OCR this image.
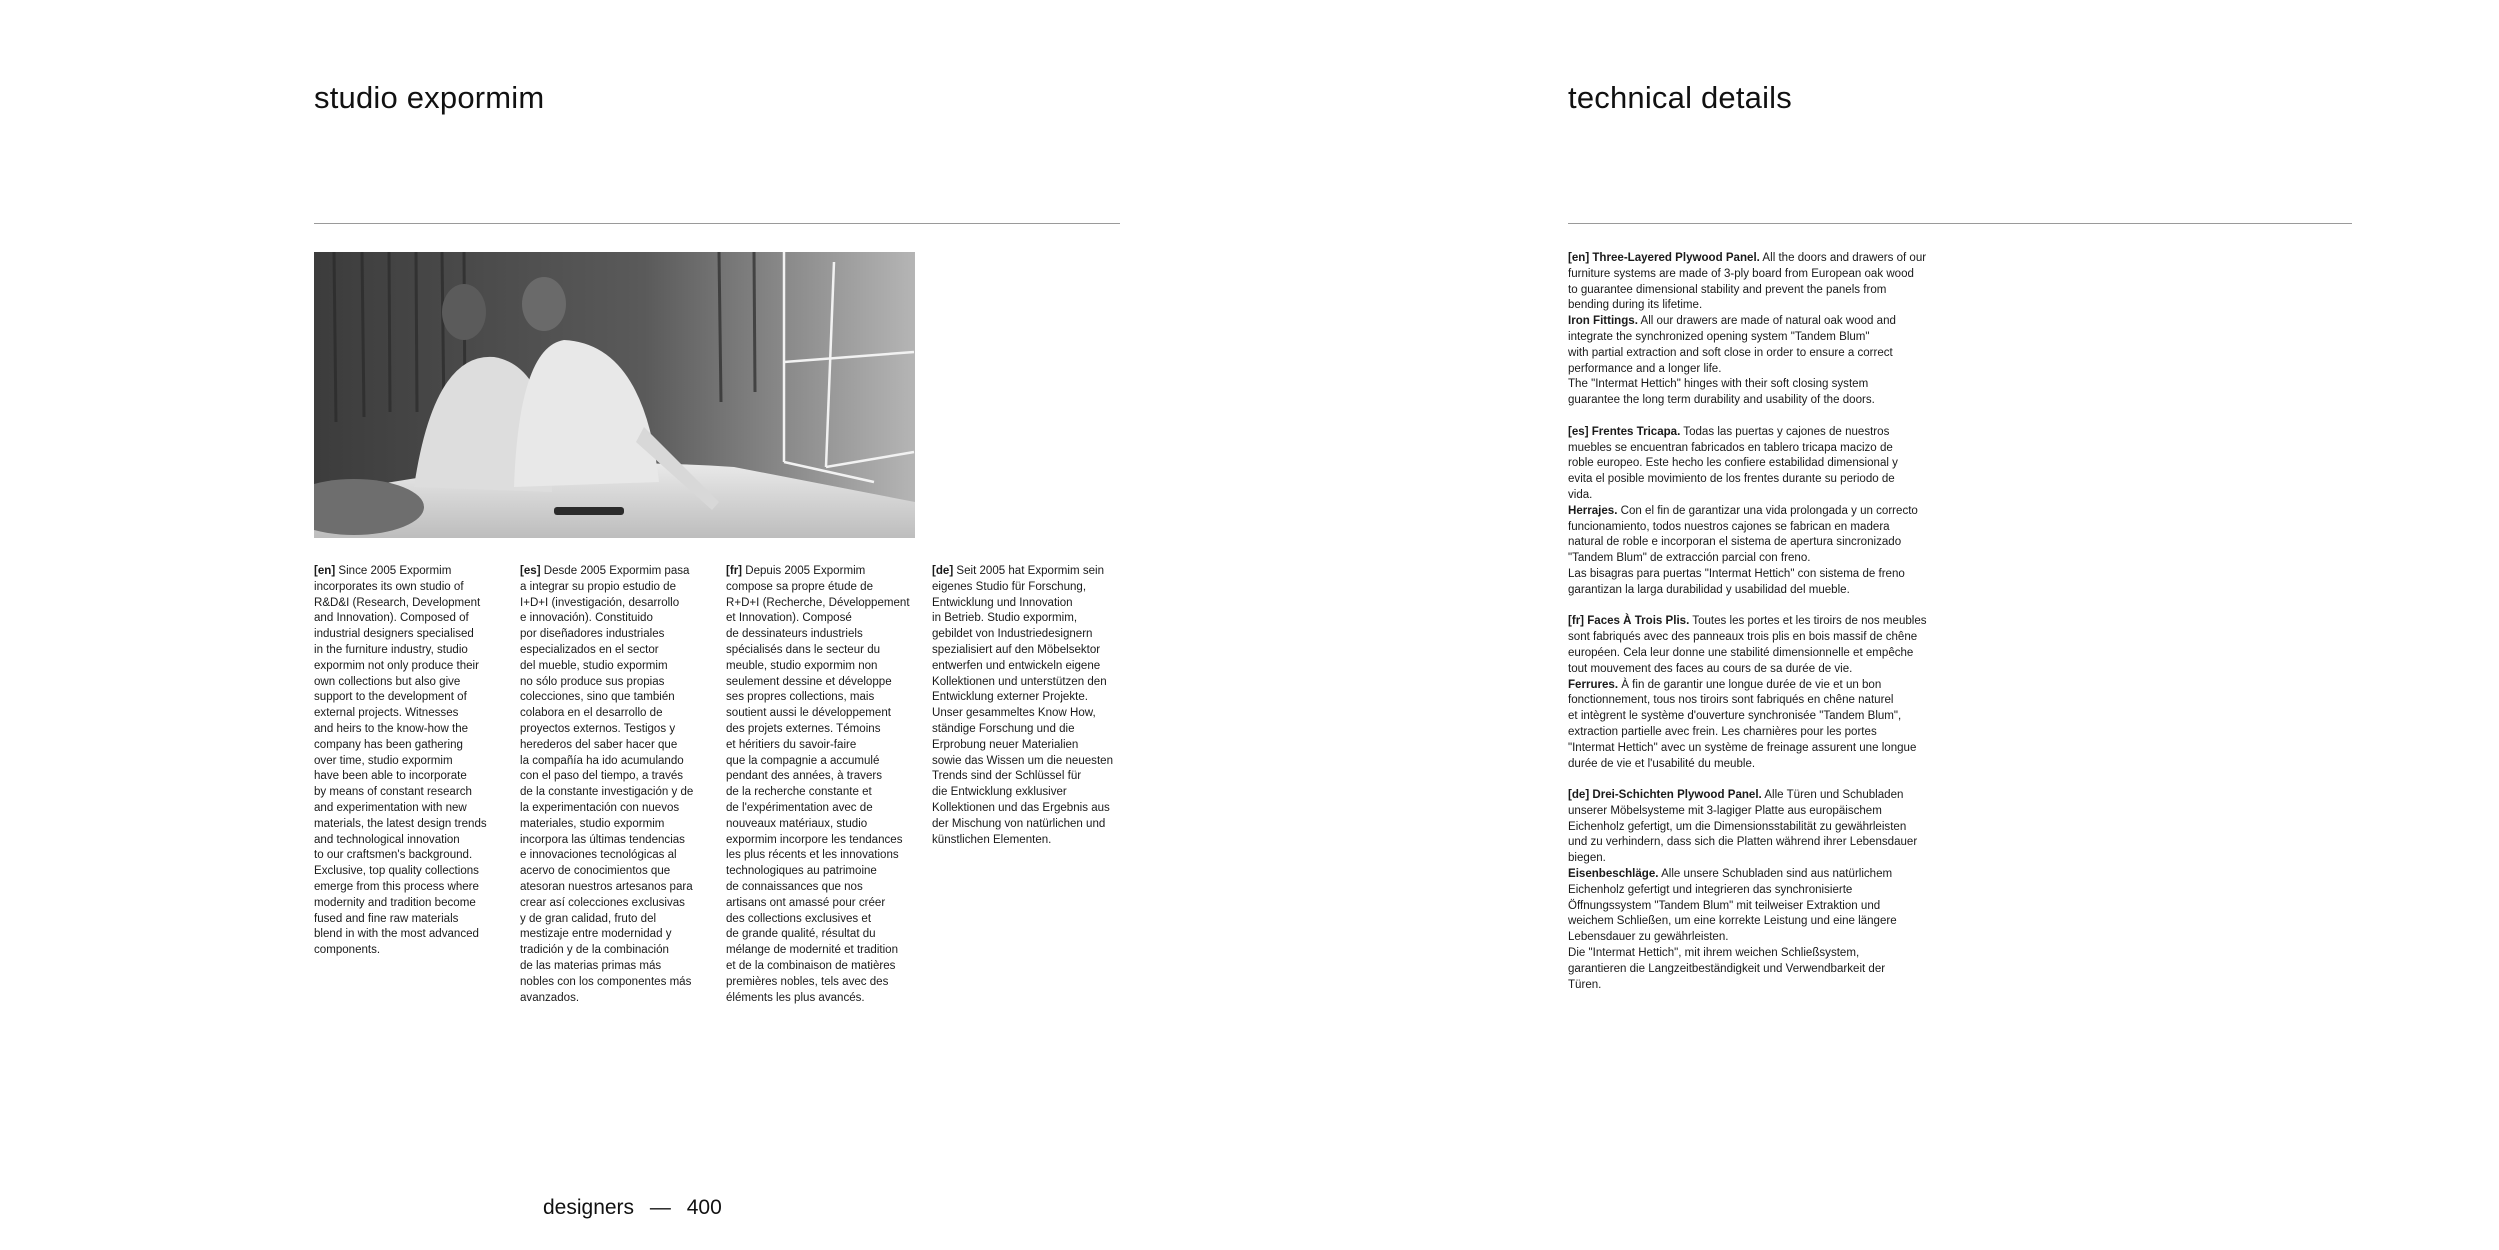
studio expormim	technical details
[en] Since 2005 Expormim
incorporates its own studio of
R&D&I (Research, Development
and Innovation). Composed of
industrial designers specialised
in the furniture industry, studio
expormim not only produce their
own collections but also give
support to the development of
external projects. Witnesses
and heirs to the know-how the
company has been gathering
over time, studio expormim
have been able to incorporate
by means of constant research
and experimentation with new
materials, the latest design trends
and technological innovation
to our craftsmen's background.
Exclusive, top quality collections
emerge from this process where
modernity and tradition become
fused and fine raw materials
blend in with the most advanced
components.
[es] Desde 2005 Expormim pasa
a integrar su propio estudio de
I+D+I (investigación, desarrollo
e innovación). Constituido
por diseñadores industriales
especializados en el sector
del mueble, studio expormim
no sólo produce sus propias
colecciones, sino que también
colabora en el desarrollo de
proyectos externos. Testigos y
herederos del saber hacer que
la compañía ha ido acumulando
con el paso del tiempo, a través
de la constante investigación y de
la experimentación con nuevos
materiales, studio expormim
incorpora las últimas tendencias
e innovaciones tecnológicas al
acervo de conocimientos que
atesoran nuestros artesanos para
crear así colecciones exclusivas
y de gran calidad, fruto del
mestizaje entre modernidad y
tradición y de la combinación
de las materias primas más
nobles con los componentes más
avanzados.
[fr] Depuis 2005 Expormim
compose sa propre étude de
R+D+I (Recherche, Développement
et Innovation). Composé
de dessinateurs industriels
spécialisés dans le secteur du
meuble, studio expormim non
seulement dessine et développe
ses propres collections, mais
soutient aussi le développement
des projets externes. Témoins
et héritiers du savoir-faire
que la compagnie a accumulé
pendant des années, à travers
de la recherche constante et
de l'expérimentation avec de
nouveaux matériaux, studio
expormim incorpore les tendances
les plus récents et les innovations
technologiques au patrimoine
de connaissances que nos
artisans ont amassé pour créer
des collections exclusives et
de grande qualité, résultat du
mélange de modernité et tradition
et de la combinaison de matières
premières nobles, tels avec des
éléments les plus avancés.
[de] Seit 2005 hat Expormim sein
eigenes Studio für Forschung,
Entwicklung und Innovation
in Betrieb. Studio expormim,
gebildet von Industriedesignern
spezialisiert auf den Möbelsektor
entwerfen und entwickeln eigene
Kollektionen und unterstützen den
Entwicklung externer Projekte.
Unser gesammeltes Know How,
ständige Forschung und die
Erprobung neuer Materialien
sowie das Wissen um die neuesten
Trends sind der Schlüssel für
die Entwicklung exklusiver
Kollektionen und das Ergebnis aus
der Mischung von natürlichen und
künstlichen Elementen.
[en] Three-Layered Plywood Panel. All the doors and drawers of our
furniture systems are made of 3-ply board from European oak wood
to guarantee dimensional stability and prevent the panels from
bending during its lifetime.
Iron Fittings. All our drawers are made of natural oak wood and
integrate the synchronized opening system "Tandem Blum"
with partial extraction and soft close in order to ensure a correct
performance and a longer life.
The "Intermat Hettich" hinges with their soft closing system
guarantee the long term durability and usability of the doors.
[es] Frentes Tricapa. Todas las puertas y cajones de nuestros
muebles se encuentran fabricados en tablero tricapa macizo de
roble europeo. Este hecho les confiere estabilidad dimensional y
evita el posible movimiento de los frentes durante su periodo de
vida.
Herrajes. Con el fin de garantizar una vida prolongada y un correcto
funcionamiento, todos nuestros cajones se fabrican en madera
natural de roble e incorporan el sistema de apertura sincronizado
"Tandem Blum" de extracción parcial con freno.
Las bisagras para puertas "Intermat Hettich" con sistema de freno
garantizan la larga durabilidad y usabilidad del mueble.
[fr] Faces À Trois Plis. Toutes les portes et les tiroirs de nos meubles
sont fabriqués avec des panneaux trois plis en bois massif de chêne
européen. Cela leur donne une stabilité dimensionnelle et empêche
tout mouvement des faces au cours de sa durée de vie.
Ferrures. À fin de garantir une longue durée de vie et un bon
fonctionnement, tous nos tiroirs sont fabriqués en chêne naturel
et intègrent le système d'ouverture synchronisée "Tandem Blum",
extraction partielle avec frein. Les charnières pour les portes
"Intermat Hettich" avec un système de freinage assurent une longue
durée de vie et l'usabilité du meuble.
[de] Drei-Schichten Plywood Panel. Alle Türen und Schubladen
unserer Möbelsysteme mit 3-lagiger Platte aus europäischem
Eichenholz gefertigt, um die Dimensionsstabilität zu gewährleisten
und zu verhindern, dass sich die Platten während ihrer Lebensdauer
biegen.
Eisenbeschläge. Alle unsere Schubladen sind aus natürlichem
Eichenholz gefertigt und integrieren das synchronisierte
Öffnungssystem "Tandem Blum" mit teilweiser Extraktion und
weichem Schließen, um eine korrekte Leistung und eine längere
Lebensdauer zu gewährleisten.
Die "Intermat Hettich", mit ihrem weichen Schließsystem,
garantieren die Langzeitbeständigkeit und Verwendbarkeit der
Türen.
designers — 400
